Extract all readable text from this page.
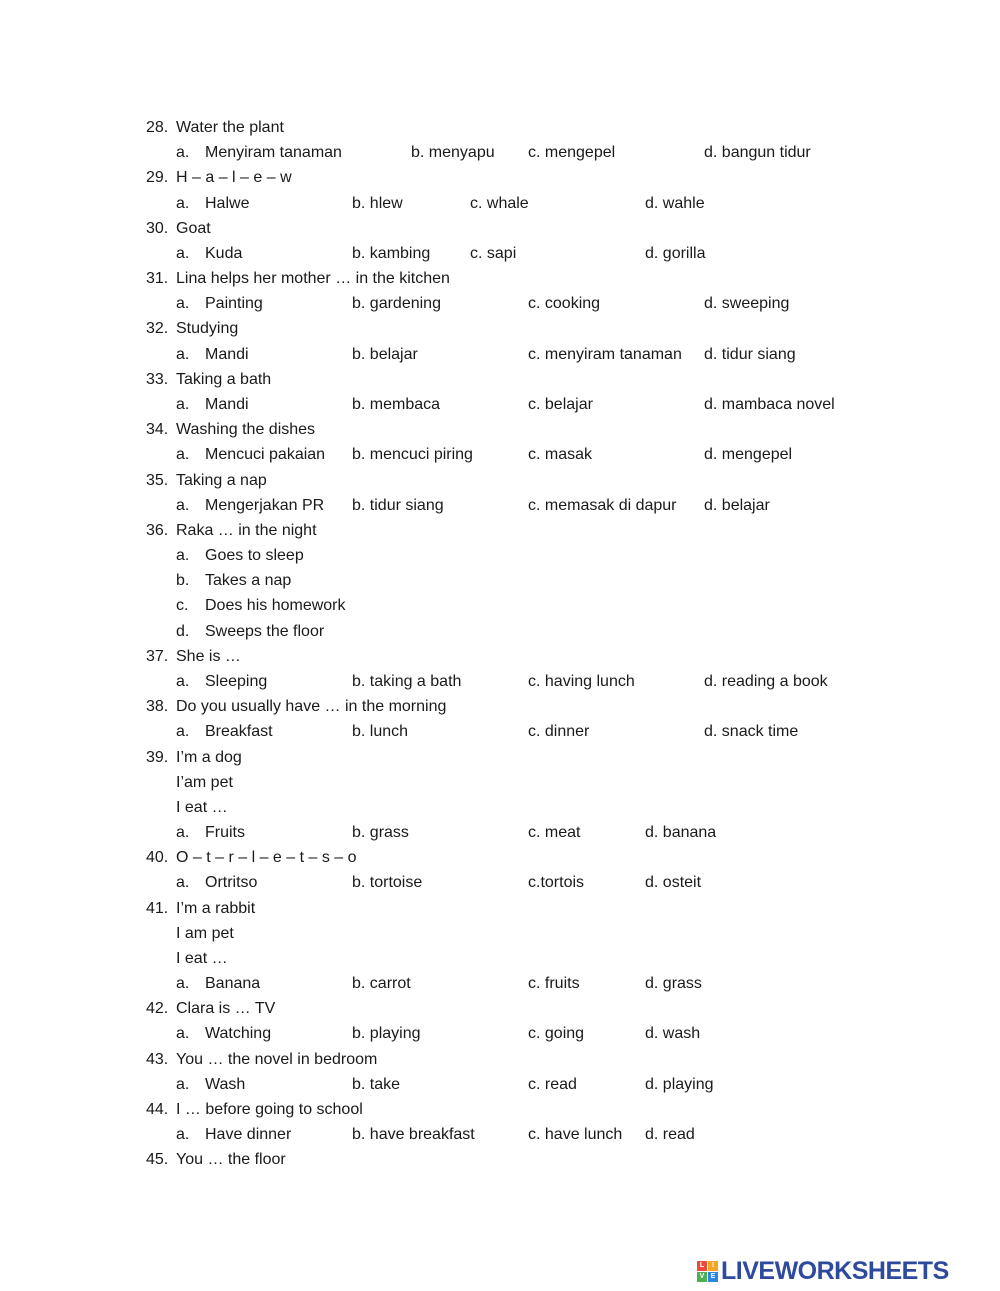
28. Water the plant
a. Menyiram tanaman	b. menyapu c. mengepel	d. bangun tidur
29. H – a – l – e – w
a. Halwe	b. hlew	c. whale	d. wahle
30. Goat
a. Kuda	b. kambing c. sapi	d. gorilla
31. Lina helps her mother … in the kitchen
a. Painting	b. gardening	c. cooking	d. sweeping
32. Studying
a. Mandi	b. belajar	c. menyiram tanaman d. tidur siang
33. Taking a bath
a. Mandi	b. membaca	c. belajar	d. mambaca novel
34. Washing the dishes
a. Mencuci pakaian b. mencuci piring	c. masak	d. mengepel
35. Taking a nap
a. Mengerjakan PR b. tidur siang	c. memasak di dapur d. belajar
36. Raka … in the night
a. Goes to sleep
b. Takes a nap
c. Does his homework
d. Sweeps the floor
37. She is …
a. Sleeping	b. taking a bath	c. having lunch	d. reading a book
38. Do you usually have … in the morning
a. Breakfast	b. lunch	c. dinner	d. snack time
39. I’m a dog
I’am pet
I eat …
a. Fruits	b. grass	c. meat	d. banana
40. O – t – r – l – e – t – s – o
a. Ortritso	b. tortoise	c.tortois	d. osteit
41. I’m a rabbit
I am pet
I eat …
a. Banana	b. carrot	c. fruits	d. grass
42. Clara is … TV
a. Watching	b. playing	c. going	d. wash
43. You … the novel in bedroom
a. Wash	b. take	c. read	d. playing
44. I … before going to school
a. Have dinner	b. have breakfast	c. have lunch d. read
45. You … the floor
L	I
V E LIVEWORKSHEETS
